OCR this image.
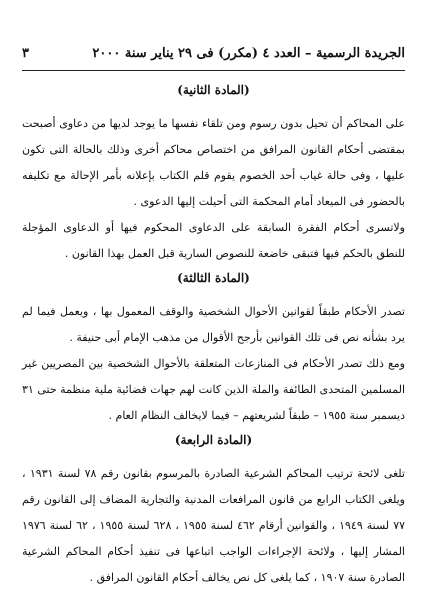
الجريدة الرسمية – العدد ٤ (مكرر) فى ٢٩ يناير سنة ٢٠٠٠
٣
(المادة الثانية)

على المحاكم أن تحيل بدون رسوم ومن تلقاء نفسها ما يوجد لديها من دعاوى أصبحت بمقتضى أحكام القانون المرافق من اختصاص محاكم أخرى وذلك بالحالة التى تكون عليها ، وفى حالة غياب أحد الخصوم يقوم قلم الكتاب بإعلانه بأمر الإحالة مع تكليفه بالحضور فى الميعاد أمام المحكمة التى أحيلت إليها الدعوى .

ولاتسرى أحكام الفقرة السابقة على الدعاوى المحكوم فيها أو الدعاوى المؤجلة للنطق بالحكم فيها فتبقى خاضعة للنصوص السارية قبل العمل بهذا القانون .

(المادة الثالثة)

تصدر الأحكام طبقاً لقوانين الأحوال الشخصية والوقف المعمول بها ، ويعمل فيما لم يرد بشأنه نص فى تلك القوانين بأرجح الأقوال من مذهب الإمام أبى حنيفة .

ومع ذلك تصدر الأحكام فى المنازعات المتعلقة بالأحوال الشخصية بين المصريين غير المسلمين المتحدى الطائفة والملة الذين كانت لهم جهات قضائية ملية منظمة حتى ٣١ ديسمبر سنة ١٩٥٥ – طبقاً لشريعتهم – فيما لايخالف النظام العام .

(المادة الرابعة)

تلغى لائحة ترتيب المحاكم الشرعية الصادرة بالمرسوم بقانون رقم ٧٨ لسنة ١٩٣١ ، ويلغى الكتاب الرابع من قانون المرافعات المدنية والتجارية المضاف إلى القانون رقم ٧٧ لسنة ١٩٤٩ ، والقوانين أرقام ٤٦٢ لسنة ١٩٥٥ ، ٦٢٨ لسنة ١٩٥٥ ، ٦٢ لسنة ١٩٧٦ المشار إليها ، ولائحة الإجراءات الواجب اتباعها فى تنفيذ أحكام المحاكم الشرعية الصادرة سنة ١٩٠٧ ، كما يلغى كل نص يخالف أحكام القانون المرافق .
